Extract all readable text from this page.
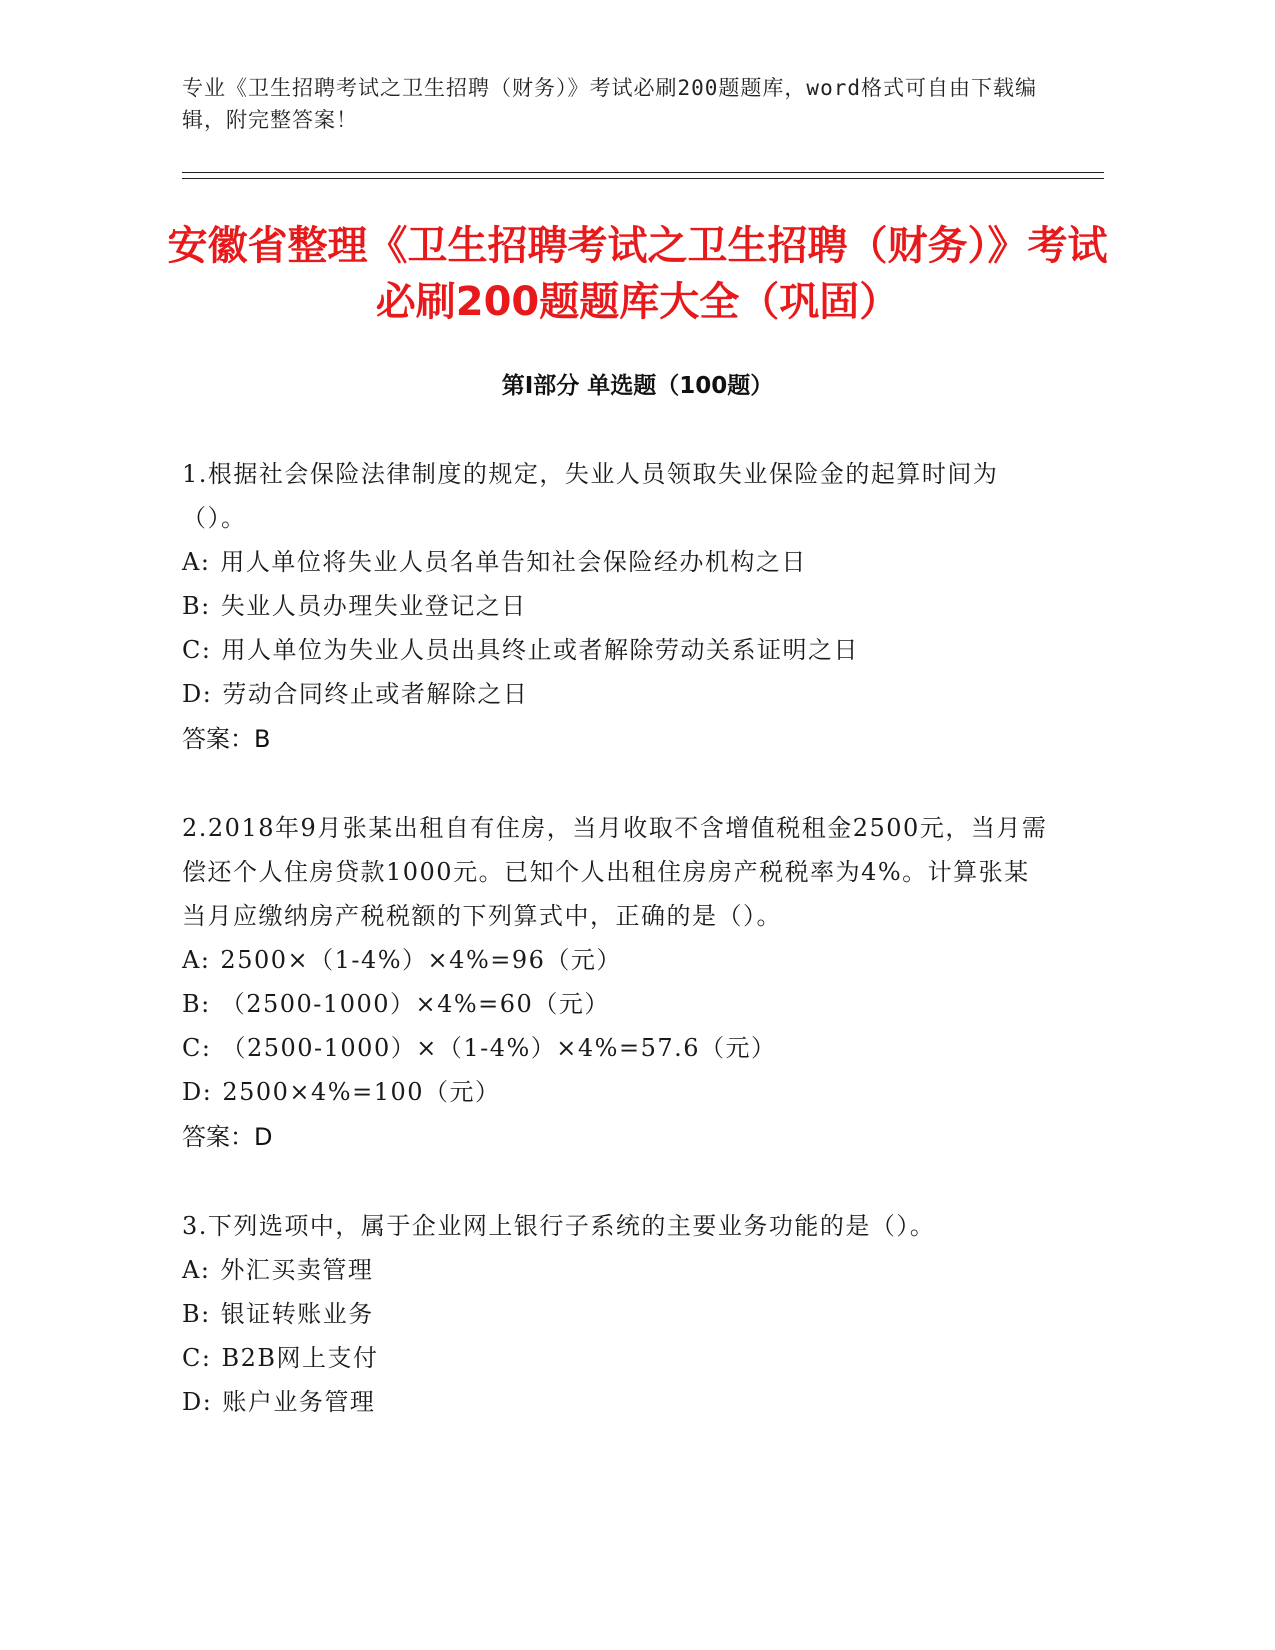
专业《卫生招聘考试之卫生招聘（财务）》考试必刷200题题库，word格式可自由下载编辑，附完整答案！
安徽省整理《卫生招聘考试之卫生招聘（财务）》考试必刷200题题库大全（巩固）
第Ⅰ部分 单选题（100题）
1.根据社会保险法律制度的规定，失业人员领取失业保险金的起算时间为（）。
A: 用人单位将失业人员名单告知社会保险经办机构之日
B: 失业人员办理失业登记之日
C: 用人单位为失业人员出具终止或者解除劳动关系证明之日
D: 劳动合同终止或者解除之日
答案：B
2.2018年9月张某出租自有住房，当月收取不含增值税租金2500元，当月需偿还个人住房贷款1000元。已知个人出租住房房产税税率为4%。计算张某当月应缴纳房产税税额的下列算式中，正确的是（）。
A: 2500×（1-4%）×4%=96（元）
B: （2500-1000）×4%=60（元）
C: （2500-1000）×（1-4%）×4%=57.6（元）
D: 2500×4%=100（元）
答案：D
3.下列选项中，属于企业网上银行子系统的主要业务功能的是（）。
A: 外汇买卖管理
B: 银证转账业务
C: B2B网上支付
D: 账户业务管理
